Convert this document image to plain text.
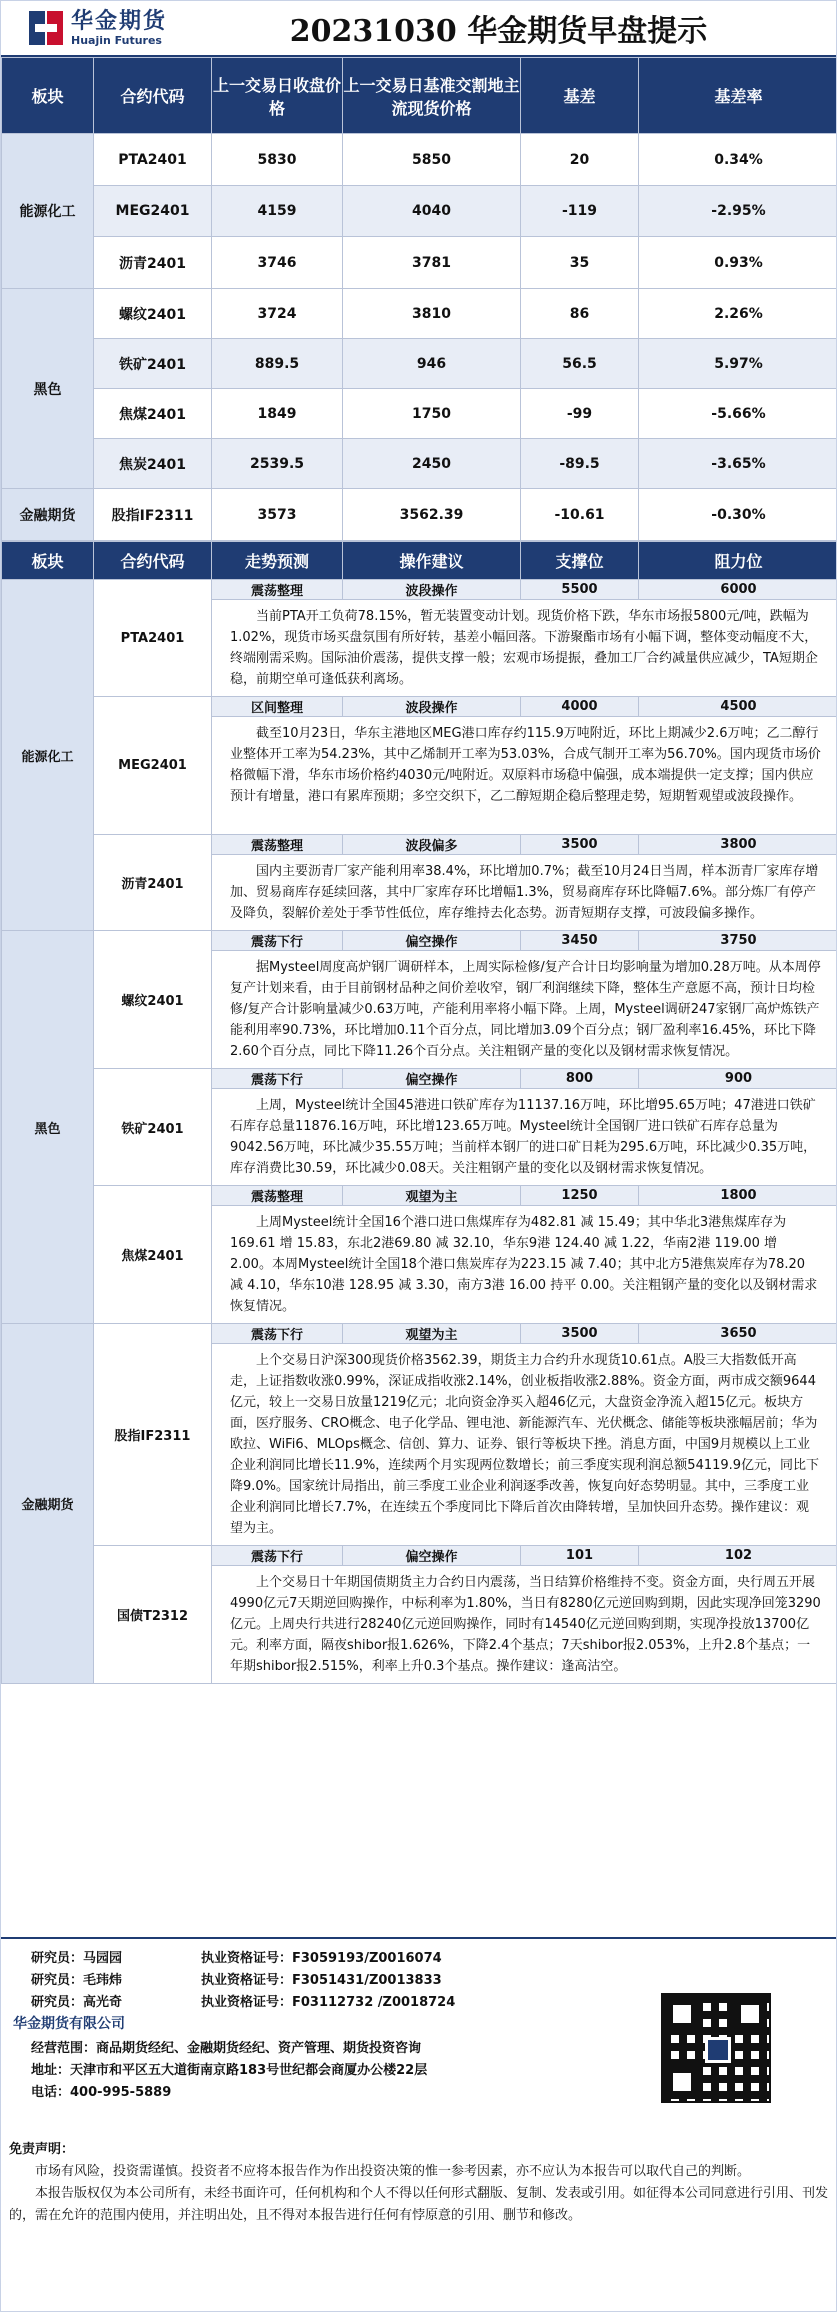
华金期货
Huajin Futures	20231030 华金期货早盘提示
板块	合约代码	上一交易日收盘价格	上一交易日基准交割地主流现货价格	基差	基差率
能源化工	PTA2401	5830	5850	20	0.34%
	MEG2401	4159	4040	-119	-2.95%
	沥青2401	3746	3781	35	0.93%
黑色	螺纹2401	3724	3810	86	2.26%
	铁矿2401	889.5	946	56.5	5.97%
	焦煤2401	1849	1750	-99	-5.66%
	焦炭2401	2539.5	2450	-89.5	-3.65%
金融期货	股指IF2311	3573	3562.39	-10.61	-0.30%
板块	合约代码	走势预测	操作建议	支撑位	阻力位
能源化工	PTA2401	震荡整理	波段操作	5500	6000
		当前PTA开工负荷78.15%，暂无装置变动计划。现货价格下跌，华东市场报5800元/吨，跌幅为1.02%，现货市场买盘氛围有所好转，基差小幅回落。下游聚酯市场有小幅下调，整体变动幅度不大，终端刚需采购。国际油价震荡，提供支撑一般；宏观市场提振，叠加工厂合约减量供应减少，TA短期企稳，前期空单可逢低获利离场。			
	MEG2401	区间整理	波段操作	4000	4500
		截至10月23日，华东主港地区MEG港口库存约115.9万吨附近，环比上期减少2.6万吨；乙二醇行业整体开工率为54.23%，其中乙烯制开工率为53.03%，合成气制开工率为56.70%。国内现货市场价格微幅下滑，华东市场价格约4030元/吨附近。双原料市场稳中偏强，成本端提供一定支撑；国内供应预计有增量，港口有累库预期；多空交织下，乙二醇短期企稳后整理走势，短期暂观望或波段操作。			
	沥青2401	震荡整理	波段偏多	3500	3800
		国内主要沥青厂家产能利用率38.4%，环比增加0.7%；截至10月24日当周，样本沥青厂家库存增加、贸易商库存延续回落，其中厂家库存环比增幅1.3%，贸易商库存环比降幅7.6%。部分炼厂有停产及降负，裂解价差处于季节性低位，库存维持去化态势。沥青短期存支撑，可波段偏多操作。			
黑色	螺纹2401	震荡下行	偏空操作	3450	3750
		据Mysteel周度高炉钢厂调研样本，上周实际检修/复产合计日均影响量为增加0.28万吨。从本周停复产计划来看，由于目前钢材品种之间价差收窄，钢厂利润继续下降，整体生产意愿不高，预计日均检修/复产合计影响量减少0.63万吨，产能利用率将小幅下降。上周，Mysteel调研247家钢厂高炉炼铁产能利用率90.73%，环比增加0.11个百分点，同比增加3.09个百分点；钢厂盈利率16.45%，环比下降2.60个百分点，同比下降11.26个百分点。关注粗钢产量的变化以及钢材需求恢复情况。			
	铁矿2401	震荡下行	偏空操作	800	900
		上周，Mysteel统计全国45港进口铁矿库存为11137.16万吨，环比增95.65万吨；47港进口铁矿石库存总量11876.16万吨，环比增123.65万吨。Mysteel统计全国钢厂进口铁矿石库存总量为9042.56万吨，环比减少35.55万吨；当前样本钢厂的进口矿日耗为295.6万吨，环比减少0.35万吨，库存消费比30.59，环比减少0.08天。关注粗钢产量的变化以及钢材需求恢复情况。			
	焦煤2401	震荡整理	观望为主	1250	1800
		上周Mysteel统计全国16个港口进口焦煤库存为482.81 减 15.49；其中华北3港焦煤库存为169.61 增 15.83，东北2港69.80 减 32.10，华东9港 124.40 减 1.22，华南2港 119.00 增 2.00。本周Mysteel统计全国18个港口焦炭库存为223.15 减 7.40；其中北方5港焦炭库存为78.20 减 4.10，华东10港 128.95 减 3.30，南方3港 16.00 持平 0.00。关注粗钢产量的变化以及钢材需求恢复情况。			
金融期货	股指IF2311	震荡下行	观望为主	3500	3650
		上个交易日沪深300现货价格3562.39，期货主力合约升水现货10.61点。A股三大指数低开高走，上证指数收涨0.99%，深证成指收涨2.14%，创业板指收涨2.88%。资金方面，两市成交额9644亿元，较上一交易日放量1219亿元；北向资金净买入超46亿元，大盘资金净流入超15亿元。板块方面，医疗服务、CRO概念、电子化学品、锂电池、新能源汽车、光伏概念、储能等板块涨幅居前；华为欧拉、WiFi6、MLOps概念、信创、算力、证券、银行等板块下挫。消息方面，中国9月规模以上工业企业利润同比增长11.9%，连续两个月实现两位数增长；前三季度实现利润总额54119.9亿元，同比下降9.0%。国家统计局指出，前三季度工业企业利润逐季改善，恢复向好态势明显。其中，三季度工业企业利润同比增长7.7%，在连续五个季度同比下降后首次由降转增，呈加快回升态势。操作建议：观望为主。			
	国债T2312	震荡下行	偏空操作	101	102
		上个交易日十年期国债期货主力合约日内震荡，当日结算价格维持不变。资金方面，央行周五开展4990亿元7天期逆回购操作，中标利率为1.80%，当日有8280亿元逆回购到期，因此实现净回笼3290亿元。上周央行共进行28240亿元逆回购操作，同时有14540亿元逆回购到期，实现净投放13700亿元。利率方面，隔夜shibor报1.626%，下降2.4个基点；7天shibor报2.053%，上升2.8个基点；一年期shibor报2.515%，利率上升0.3个基点。操作建议：逢高沽空。			
研究员：马园园	执业资格证号：F3059193/Z0016074
研究员：毛玮炜	执业资格证号：F3051431/Z0013833
研究员：高光奇	执业资格证号：F03112732 /Z0018724
华金期货有限公司
经营范围：商品期货经纪、金融期货经纪、资产管理、期货投资咨询
地址：天津市和平区五大道街南京路183号世纪都会商厦办公楼22层
电话：400-995-5889
免责声明：
市场有风险，投资需谨慎。投资者不应将本报告作为作出投资决策的惟一参考因素，亦不应认为本报告可以取代自己的判断。
本报告版权仅为本公司所有，未经书面许可，任何机构和个人不得以任何形式翻版、复制、发表或引用。如征得本公司同意进行引用、刊发的，需在允许的范围内使用，并注明出处，且不得对本报告进行任何有悖原意的引用、删节和修改。
